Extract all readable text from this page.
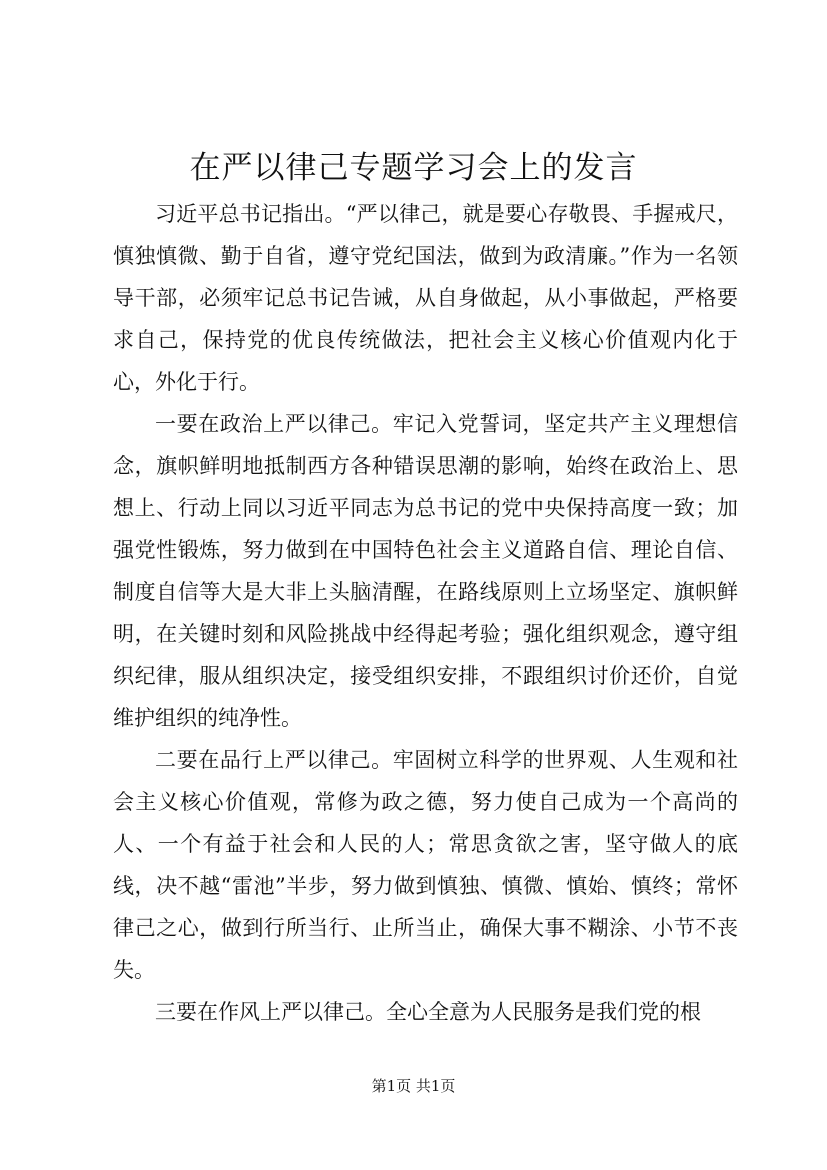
在严以律己专题学习会上的发言

习近平总书记指出。“严以律己，就是要心存敬畏、手握戒尺，慎独慎微、勤于自省，遵守党纪国法，做到为政清廉。”作为一名领导干部，必须牢记总书记告诫，从自身做起，从小事做起，严格要求自己，保持党的优良传统做法，把社会主义核心价值观内化于心，外化于行。

一要在政治上严以律己。牢记入党誓词，坚定共产主义理想信念，旗帜鲜明地抵制西方各种错误思潮的影响，始终在政治上、思想上、行动上同以习近平同志为总书记的党中央保持高度一致；加强党性锻炼，努力做到在中国特色社会主义道路自信、理论自信、制度自信等大是大非上头脑清醒，在路线原则上立场坚定、旗帜鲜明，在关键时刻和风险挑战中经得起考验；强化组织观念，遵守组织纪律，服从组织决定，接受组织安排，不跟组织讨价还价，自觉维护组织的纯净性。

二要在品行上严以律己。牢固树立科学的世界观、人生观和社会主义核心价值观，常修为政之德，努力使自己成为一个高尚的人、一个有益于社会和人民的人；常思贪欲之害，坚守做人的底线，决不越“雷池”半步，努力做到慎独、慎微、慎始、慎终；常怀律己之心，做到行所当行、止所当止，确保大事不糊涂、小节不丧失。

三要在作风上严以律己。全心全意为人民服务是我们党的根

第1页 共1页
